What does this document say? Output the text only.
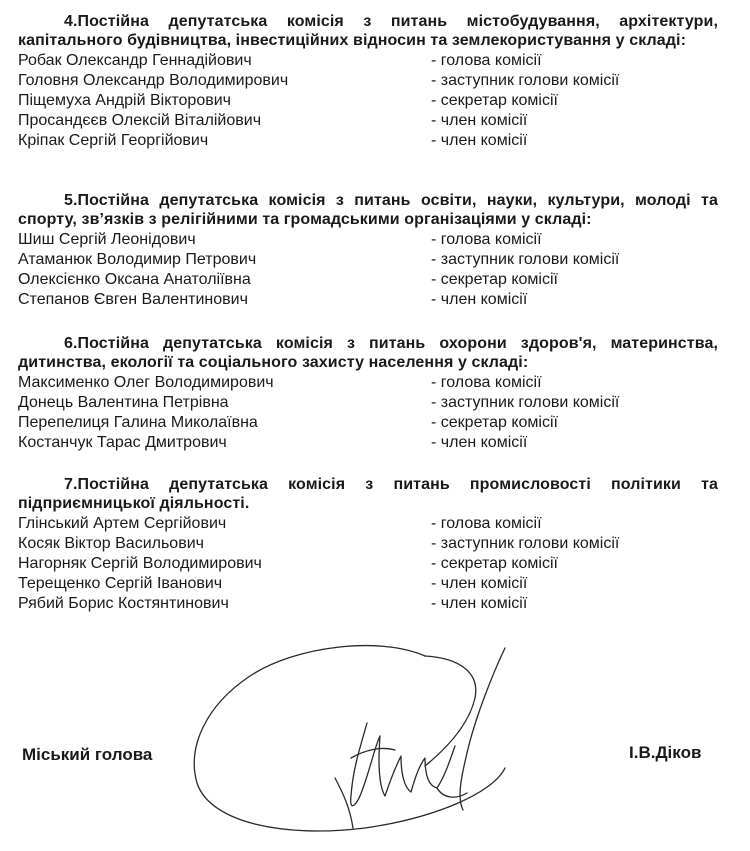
4.Постійна депутатська комісія з питань містобудування, архітектури, капітального будівництва, інвестиційних відносин та землекористування у складі:
Робак Олександр Геннадійович	- голова комісії
Головня Олександр Володимирович	- заступник голови комісії
Піщемуха Андрій Вікторович	- секретар комісії
Просандєєв Олексій Віталійович	- член комісії
Кріпак Сергій Георгійович	- член комісії
5.Постійна депутатська комісія з питань освіти, науки, культури, молоді та спорту, зв’язків з релігійними та громадськими організаціями у складі:
Шиш Сергій Леонідович	- голова комісії
Атаманюк Володимир Петрович	- заступник голови комісії
Олексієнко Оксана Анатоліївна	- секретар комісії
Степанов Євген Валентинович	- член комісії
6.Постійна депутатська комісія з питань охорони здоров'я, материнства, дитинства, екології та соціального захисту населення у складі:
Максименко Олег Володимирович	- голова комісії
Донець Валентина Петрівна	- заступник голови комісії
Перепелиця Галина Миколаївна	- секретар комісії
Костанчук Тарас Дмитрович	- член комісії
7.Постійна депутатська комісія з питань промисловості політики та підприємницької діяльності.
Глінський Артем Сергійович	- голова комісії
Косяк Віктор Васильович	- заступник голови комісії
Нагорняк Сергій Володимирович	- секретар комісії
Терещенко Сергій Іванович	- член комісії
Рябий Борис Костянтинович	- член комісії
Міський голова	І.В.Діков
